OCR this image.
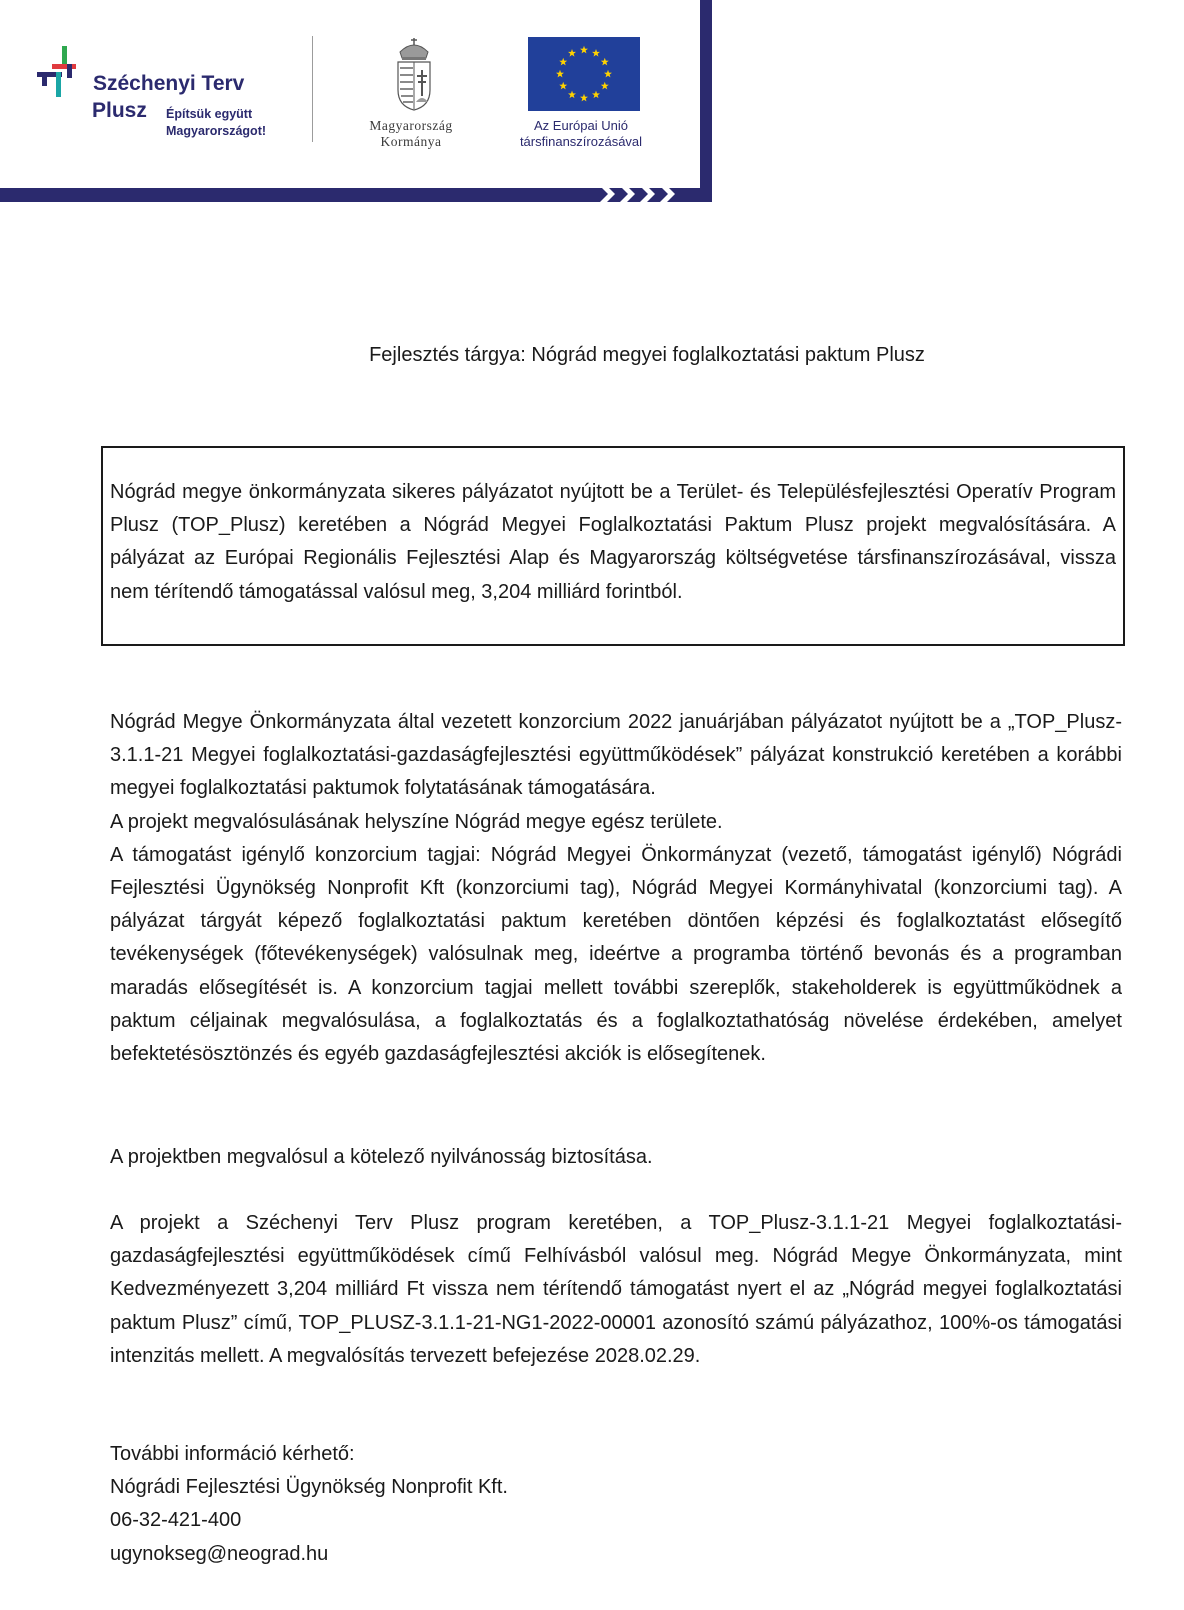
Széchenyi Terv
Plusz Építsük együtt
Magyarországot!	Magyarország
Kormánya
Az Európai Unió
társfinanszírozásával
Fejlesztés tárgya: Nógrád megyei foglalkoztatási paktum Plusz
Nógrád megye önkormányzata sikeres pályázatot nyújtott be a Terület- és Településfejlesztési Operatív Program Plusz (TOP_Plusz) keretében a Nógrád Megyei Foglalkoztatási Paktum Plusz projekt megvalósítására. A pályázat az Európai Regionális Fejlesztési Alap és Magyarország költségvetése társfinanszírozásával, vissza nem térítendő támogatással valósul meg, 3,204 milliárd forintból.
Nógrád Megye Önkormányzata által vezetett konzorcium 2022 januárjában pályázatot nyújtott be a „TOP_Plusz-3.1.1-21 Megyei foglalkoztatási-gazdaságfejlesztési együttműködések” pályázat konstrukció keretében a korábbi megyei foglalkoztatási paktumok folytatásának támogatására.
A projekt megvalósulásának helyszíne Nógrád megye egész területe.
A támogatást igénylő konzorcium tagjai: Nógrád Megyei Önkormányzat (vezető, támogatást igénylő) Nógrádi Fejlesztési Ügynökség Nonprofit Kft (konzorciumi tag), Nógrád Megyei Kormányhivatal (konzorciumi tag). A pályázat tárgyát képező foglalkoztatási paktum keretében döntően képzési és foglalkoztatást elősegítő tevékenységek (főtevékenységek) valósulnak meg, ideértve a programba történő bevonás és a programban maradás elősegítését is. A konzorcium tagjai mellett további szereplők, stakeholderek is együttműködnek a paktum céljainak megvalósulása, a foglalkoztatás és a foglalkoztathatóság növelése érdekében, amelyet befektetésösztönzés és egyéb gazdaságfejlesztési akciók is elősegítenek.
A projektben megvalósul a kötelező nyilvánosság biztosítása.
A projekt a Széchenyi Terv Plusz program keretében, a TOP_Plusz-3.1.1-21 Megyei foglalkoztatási-gazdaságfejlesztési együttműködések című Felhívásból valósul meg. Nógrád Megye Önkormányzata, mint Kedvezményezett 3,204 milliárd Ft vissza nem térítendő támogatást nyert el az „Nógrád megyei foglalkoztatási paktum Plusz” című, TOP_PLUSZ-3.1.1-21-NG1-2022-00001 azonosító számú pályázathoz, 100%-os támogatási intenzitás mellett. A megvalósítás tervezett befejezése 2028.02.29.
További információ kérhető:
Nógrádi Fejlesztési Ügynökség Nonprofit Kft.
06-32-421-400
ugynokseg@neograd.hu
